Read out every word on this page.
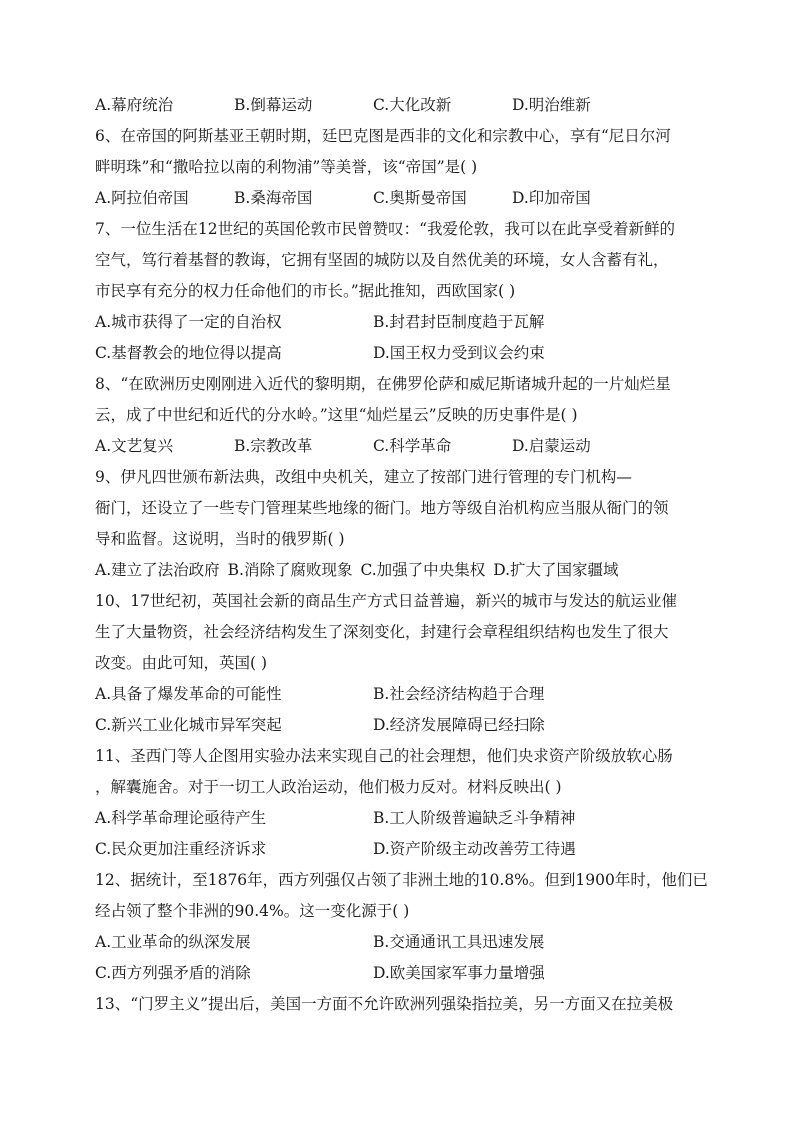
A.幕府统治	B.倒幕运动	C.大化改新	D.明治维新
6、在帝国的阿斯基亚王朝时期，廷巴克图是西非的文化和宗教中心，享有“尼日尔河
畔明珠”和“撒哈拉以南的利物浦”等美誉，该“帝国”是( )
A.阿拉伯帝国	B.桑海帝国	C.奥斯曼帝国	D.印加帝国
7、一位生活在12世纪的英国伦敦市民曾赞叹：“我爱伦敦，我可以在此享受着新鲜的
空气，笃行着基督的教诲，它拥有坚固的城防以及自然优美的环境，女人含蓄有礼，
市民享有充分的权力任命他们的市长。”据此推知，西欧国家( )
A.城市获得了一定的自治权	B.封君封臣制度趋于瓦解
C.基督教会的地位得以提高	D.国王权力受到议会约束
8、“在欧洲历史刚刚进入近代的黎明期，在佛罗伦萨和威尼斯诸城升起的一片灿烂星
云，成了中世纪和近代的分水岭。”这里“灿烂星云”反映的历史事件是( )
A.文艺复兴	B.宗教改革	C.科学革命	D.启蒙运动
9、伊凡四世颁布新法典，改组中央机关，建立了按部门进行管理的专门机构—
衙门，还设立了一些专门管理某些地缘的衙门。地方等级自治机构应当服从衙门的领
导和监督。这说明，当时的俄罗斯( )
A.建立了法治政府 B.消除了腐败现象 C.加强了中央集权 D.扩大了国家疆域
10、17世纪初，英国社会新的商品生产方式日益普遍，新兴的城市与发达的航运业催
生了大量物资，社会经济结构发生了深刻变化，封建行会章程组织结构也发生了很大
改变。由此可知，英国( )
A.具备了爆发革命的可能性	B.社会经济结构趋于合理
C.新兴工业化城市异军突起	D.经济发展障碍已经扫除
11、圣西门等人企图用实验办法来实现自己的社会理想，他们央求资产阶级放软心肠
，解囊施舍。对于一切工人政治运动，他们极力反对。材料反映出( )
A.科学革命理论亟待产生	B.工人阶级普遍缺乏斗争精神
C.民众更加注重经济诉求	D.资产阶级主动改善劳工待遇
12、据统计，至1876年，西方列强仅占领了非洲土地的10.8%。但到1900年时，他们已
经占领了整个非洲的90.4%。这一变化源于( )
A.工业革命的纵深发展	B.交通通讯工具迅速发展
C.西方列强矛盾的消除	D.欧美国家军事力量增强
13、“门罗主义”提出后，美国一方面不允许欧洲列强染指拉美，另一方面又在拉美极
